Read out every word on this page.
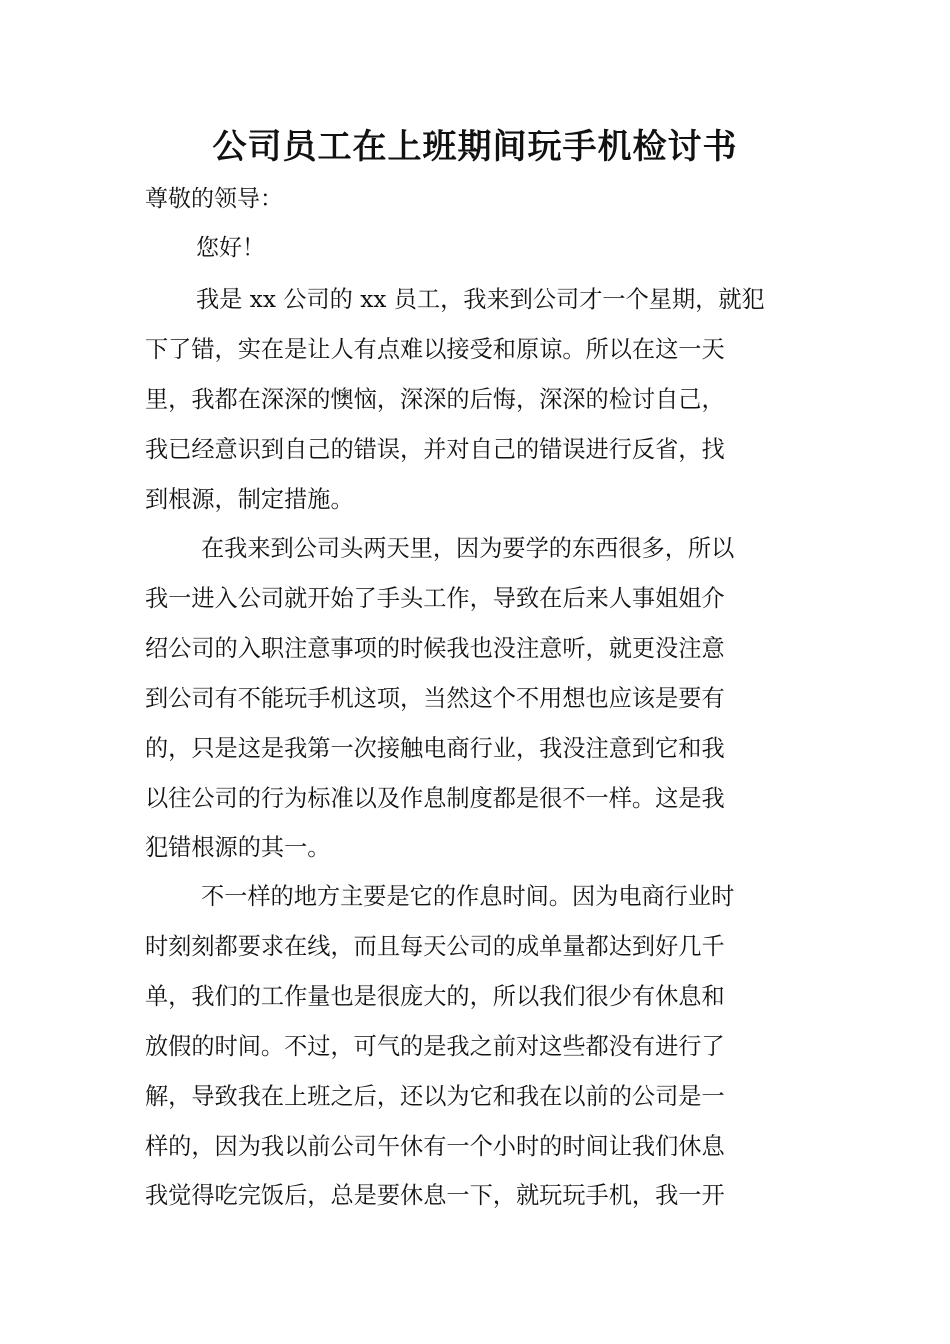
公司员工在上班期间玩手机检讨书

尊敬的领导：

您好！

我是 xx 公司的 xx 员工，我来到公司才一个星期，就犯
下了错，实在是让人有点难以接受和原谅。所以在这一天
里，我都在深深的懊恼，深深的后悔，深深的检讨自己，
我已经意识到自己的错误，并对自己的错误进行反省，找
到根源，制定措施。
在我来到公司头两天里，因为要学的东西很多，所以
我一进入公司就开始了手头工作，导致在后来人事姐姐介
绍公司的入职注意事项的时候我也没注意听，就更没注意
到公司有不能玩手机这项，当然这个不用想也应该是要有
的，只是这是我第一次接触电商行业，我没注意到它和我
以往公司的行为标准以及作息制度都是很不一样。这是我
犯错根源的其一。
不一样的地方主要是它的作息时间。因为电商行业时
时刻刻都要求在线，而且每天公司的成单量都达到好几千
单，我们的工作量也是很庞大的，所以我们很少有休息和
放假的时间。不过，可气的是我之前对这些都没有进行了
解，导致我在上班之后，还以为它和我在以前的公司是一
样的，因为我以前公司午休有一个小时的时间让我们休息
我觉得吃完饭后，总是要休息一下，就玩玩手机，我一开
